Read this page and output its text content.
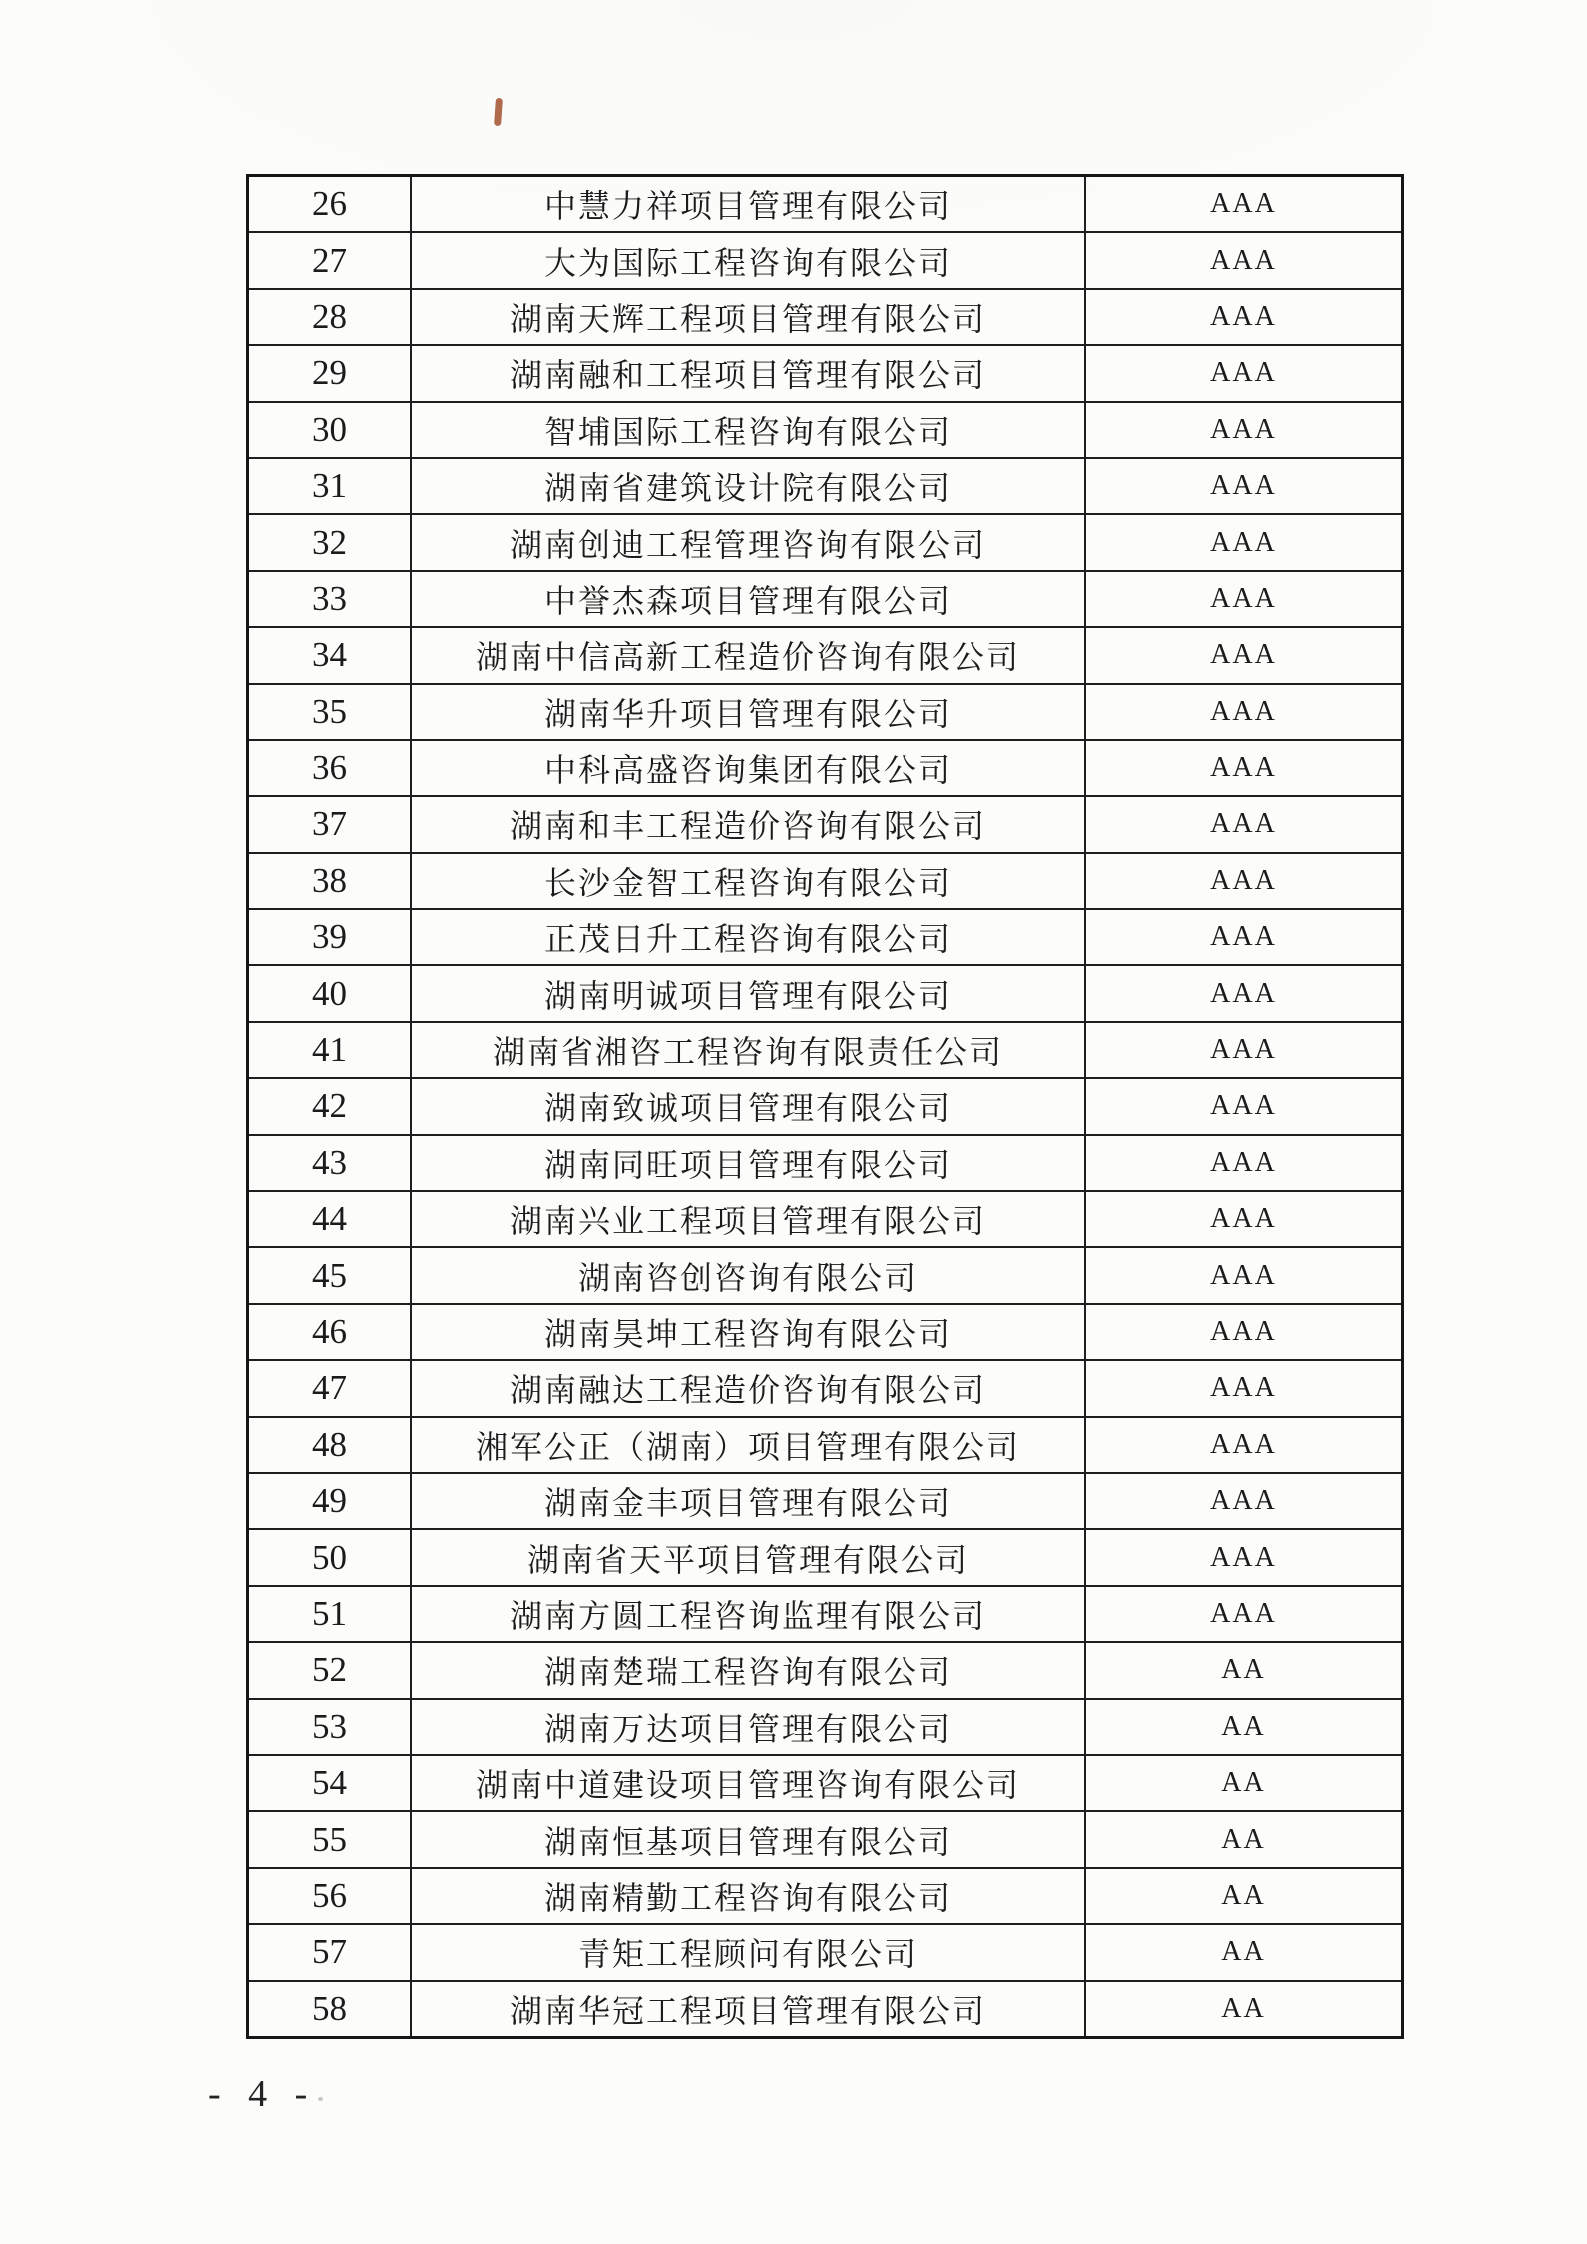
26	中慧力祥项目管理有限公司	AAA
27	大为国际工程咨询有限公司	AAA
28	湖南天辉工程项目管理有限公司	AAA
29	湖南融和工程项目管理有限公司	AAA
30	智埔国际工程咨询有限公司	AAA
31	湖南省建筑设计院有限公司	AAA
32	湖南创迪工程管理咨询有限公司	AAA
33	中誉杰森项目管理有限公司	AAA
34	湖南中信高新工程造价咨询有限公司	AAA
35	湖南华升项目管理有限公司	AAA
36	中科高盛咨询集团有限公司	AAA
37	湖南和丰工程造价咨询有限公司	AAA
38	长沙金智工程咨询有限公司	AAA
39	正茂日升工程咨询有限公司	AAA
40	湖南明诚项目管理有限公司	AAA
41	湖南省湘咨工程咨询有限责任公司	AAA
42	湖南致诚项目管理有限公司	AAA
43	湖南同旺项目管理有限公司	AAA
44	湖南兴业工程项目管理有限公司	AAA
45	湖南咨创咨询有限公司	AAA
46	湖南昊坤工程咨询有限公司	AAA
47	湖南融达工程造价咨询有限公司	AAA
48	湘军公正（湖南）项目管理有限公司	AAA
49	湖南金丰项目管理有限公司	AAA
50	湖南省天平项目管理有限公司	AAA
51	湖南方圆工程咨询监理有限公司	AAA
52	湖南楚瑞工程咨询有限公司	AA
53	湖南万达项目管理有限公司	AA
54	湖南中道建设项目管理咨询有限公司	AA
55	湖南恒基项目管理有限公司	AA
56	湖南精勤工程咨询有限公司	AA
57	青矩工程顾问有限公司	AA
58	湖南华冠工程项目管理有限公司	AA
- 4 -
